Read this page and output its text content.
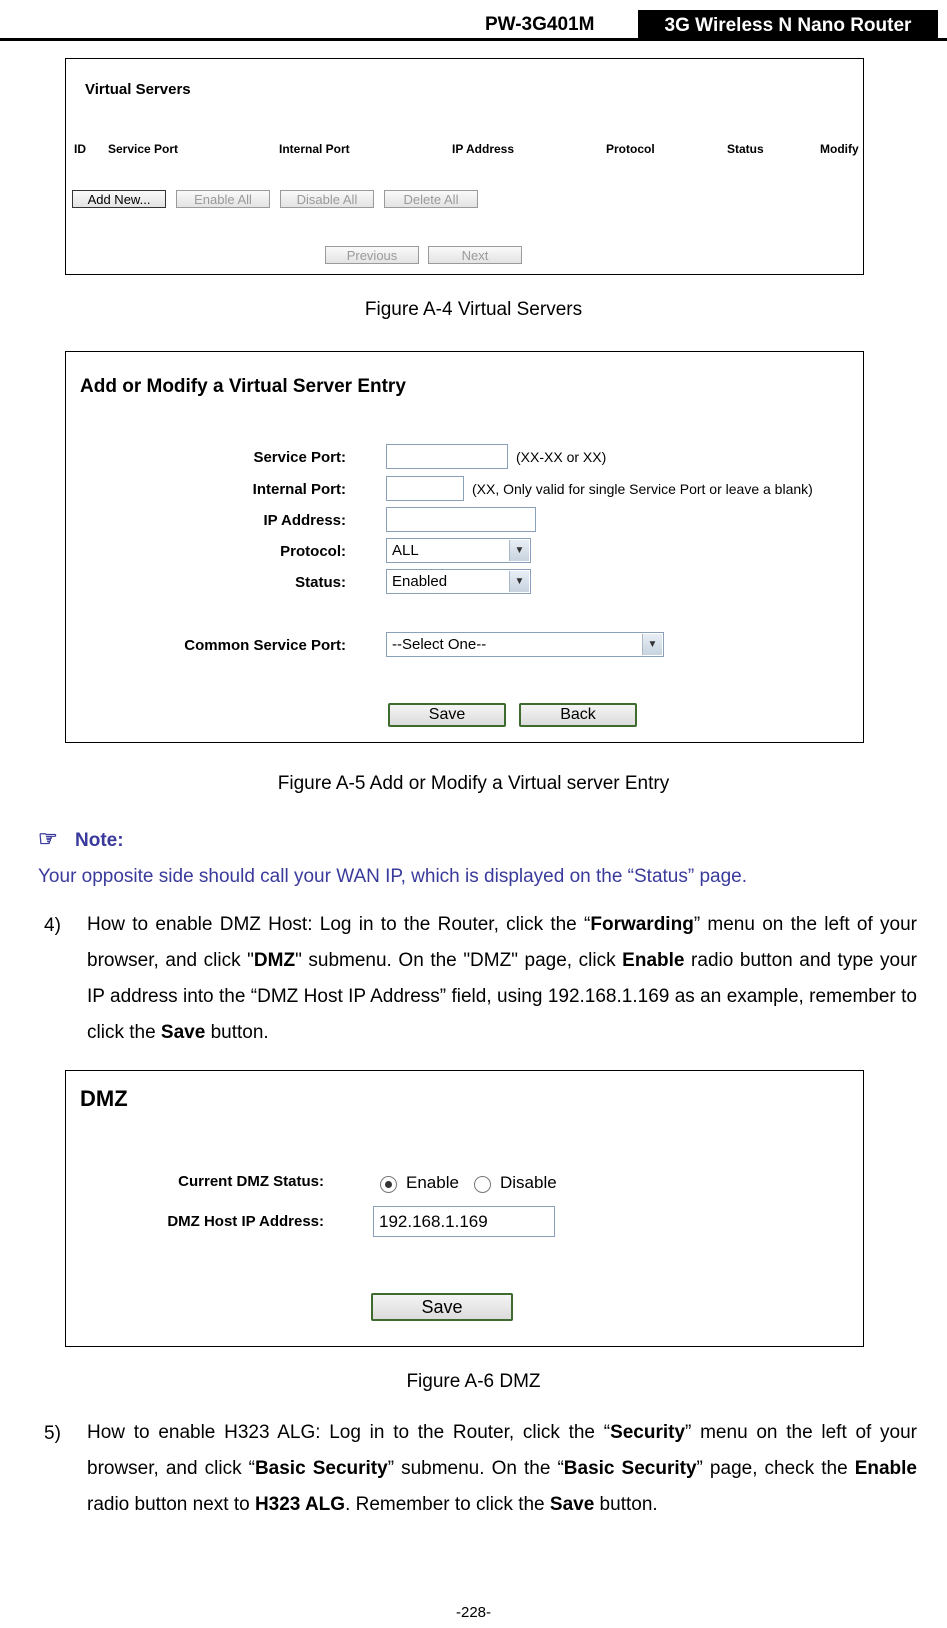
PW-3G401M	3G Wireless N Nano Router
Virtual Servers
ID Service Port	Internal Port	IP Address	Protocol	Status	Modify
Add New...	Enable All	Disable All	Delete All
Previous	Next
Figure A-4 Virtual Servers
Add or Modify a Virtual Server Entry
Service Port:	(XX-XX or XX)
Internal Port:	(XX, Only valid for single Service Port or leave a blank)
IP Address:
Protocol:	ALL	▼
Status:	Enabled	▼
Common Service Port:	--Select One--	▼
Save	Back
Figure A-5 Add or Modify a Virtual server Entry
☞ Note:
Your opposite side should call your WAN IP, which is displayed on the “Status” page.
4) How to enable DMZ Host: Log in to the Router, click the “Forwarding” menu on the left of your browser, and click "DMZ" submenu. On the "DMZ" page, click Enable radio button and type your IP address into the “DMZ Host IP Address” field, using 192.168.1.169 as an example, remember to click the Save button.
DMZ
Current DMZ Status:	Enable Disable
DMZ Host IP Address:	192.168.1.169
Save
Figure A-6 DMZ
5) How to enable H323 ALG: Log in to the Router, click the “Security” menu on the left of your browser, and click “Basic Security” submenu. On the “Basic Security” page, check the Enable radio button next to H323 ALG. Remember to click the Save button.
-228-
